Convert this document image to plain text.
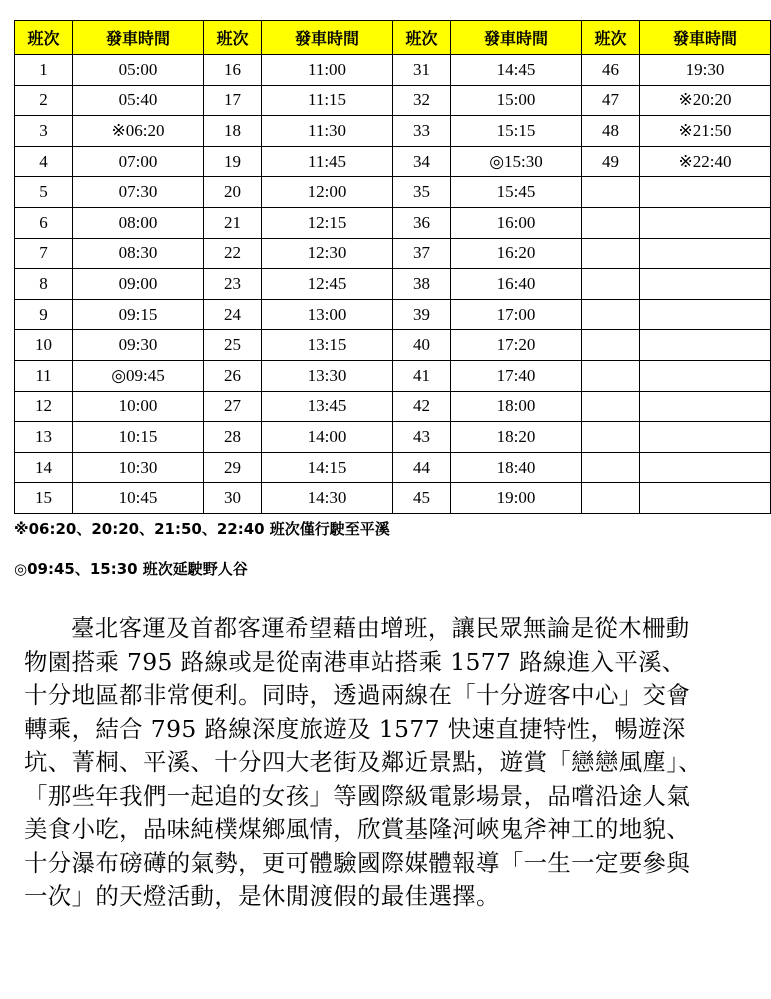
班次	發車時間	班次	發車時間	班次	發車時間	班次	發車時間
1	05:00	16	11:00	31	14:45	46	19:30
2	05:40	17	11:15	32	15:00	47	※20:20
3	※06:20	18	11:30	33	15:15	48	※21:50
4	07:00	19	11:45	34	◎15:30	49	※22:40
5	07:30	20	12:00	35	15:45		
6	08:00	21	12:15	36	16:00		
7	08:30	22	12:30	37	16:20		
8	09:00	23	12:45	38	16:40		
9	09:15	24	13:00	39	17:00		
10	09:30	25	13:15	40	17:20		
11	◎09:45	26	13:30	41	17:40		
12	10:00	27	13:45	42	18:00		
13	10:15	28	14:00	43	18:20		
14	10:30	29	14:15	44	18:40		
15	10:45	30	14:30	45	19:00		
※06:20、20:20、21:50、22:40 班次僅行駛至平溪
◎09:45、15:30 班次延駛野人谷

臺北客運及首都客運希望藉由增班，讓民眾無論是從木柵動物園搭乘 795 路線或是從南港車站搭乘 1577 路線進入平溪、十分地區都非常便利。同時，透過兩線在「十分遊客中心」交會轉乘，結合 795 路線深度旅遊及 1577 快速直捷特性，暢遊深坑、菁桐、平溪、十分四大老街及鄰近景點，遊賞「戀戀風塵」、「那些年我們一起追的女孩」等國際級電影場景，品嚐沿途人氣美食小吃，品味純樸煤鄉風情，欣賞基隆河峽鬼斧神工的地貌、十分瀑布磅礡的氣勢，更可體驗國際媒體報導「一生一定要參與一次」的天燈活動，是休閒渡假的最佳選擇。
